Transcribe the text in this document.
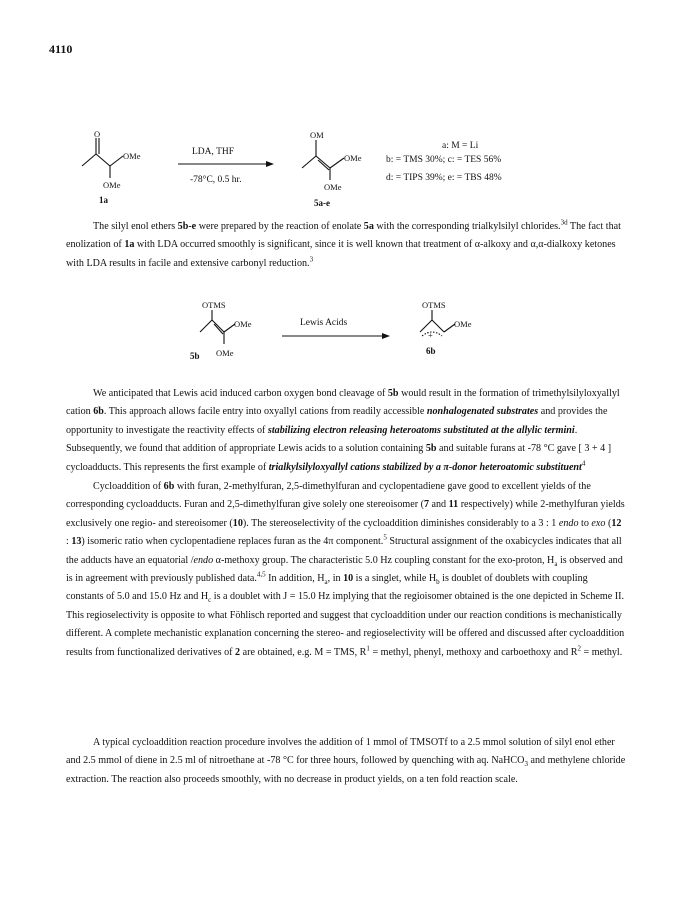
4110
O
OMe
OMe
1a
LDA, THF
-78°C, 0.5 hr.
OM
OMe
OMe
5a-e
a: M = Li
b: = TMS 30%; c: = TES 56%
d: = TIPS 39%; e: = TBS 48%

The silyl enol ethers 5b-e were prepared by the reaction of enolate 5a with the corresponding trialkylsilyl chlorides.$^{3d}$ The fact that enolization of 1a with LDA occurred smoothly is significant, since it is well known that treatment of α-alkoxy and α,α-dialkoxy ketones with LDA results in facile and extensive carbonyl reduction.$^3$

OTMS
OMe
OMe
5b
Lewis Acids
+
OTMS
OMe
6b

We anticipated that Lewis acid induced carbon oxygen bond cleavage of 5b would result in the formation of trimethylsilyloxyallyl cation 6b. This approach allows facile entry into oxyallyl cations from readily accessible nonhalogenated substrates and provides the opportunity to investigate the reactivity effects of stabilizing electron releasing heteroatoms substituted at the allylic termini. Subsequently, we found that addition of appropriate Lewis acids to a solution containing 5b and suitable furans at -78 °C gave [ 3 + 4 ] cycloadducts. This represents the first example of trialkylsilyloxyallyl cations stabilized by a π-donor heteroatomic substituent$^4$

Cycloaddition of 6b with furan, 2-methylfuran, 2,5-dimethylfuran and cyclopentadiene gave good to excellent yields of the corresponding cycloadducts. Furan and 2,5-dimethylfuran give solely one stereoisomer (7 and 11 respectively) while 2-methylfuran yields exclusively one regio- and stereoisomer (10). The stereoselectivity of the cycloaddition diminishes considerably to a 3 : 1 endo to exo (12 : 13) isomeric ratio when cyclopentadiene replaces furan as the 4π component.$^5$ Structural assignment of the oxabicycles indicates that all the adducts have an equatorial /endo α-methoxy group. The characteristic 5.0 Hz coupling constant for the exo-proton, $H_a$ is observed and is in agreement with previously published data.$^{4,5}$ In addition, $H_a$, in 10 is a singlet, while $H_b$ is doublet of doublets with coupling constants of 5.0 and 15.0 Hz and $H_c$ is a doublet with J = 15.0 Hz implying that the regioisomer obtained is the one depicted in Scheme II. This regioselectivity is opposite to what Föhlisch reported and suggest that cycloaddition under our reaction conditions is mechanistically different. A complete mechanistic explanation concerning the stereo- and regioselectivity will be offered and discussed after cycloaddition results from functionalized derivatives of 2 are obtained, e.g. M = TMS, $R^1$ = methyl, phenyl, methoxy and carboethoxy and $R^2$ = methyl.

A typical cycloaddition reaction procedure involves the addition of 1 mmol of TMSOTf to a 2.5 mmol solution of silyl enol ether and 2.5 mmol of diene in 2.5 ml of nitroethane at -78 °C for three hours, followed by quenching with aq. NaHCO$_3$ and methylene chloride extraction. The reaction also proceeds smoothly, with no decrease in product yields, on a ten fold reaction scale.
